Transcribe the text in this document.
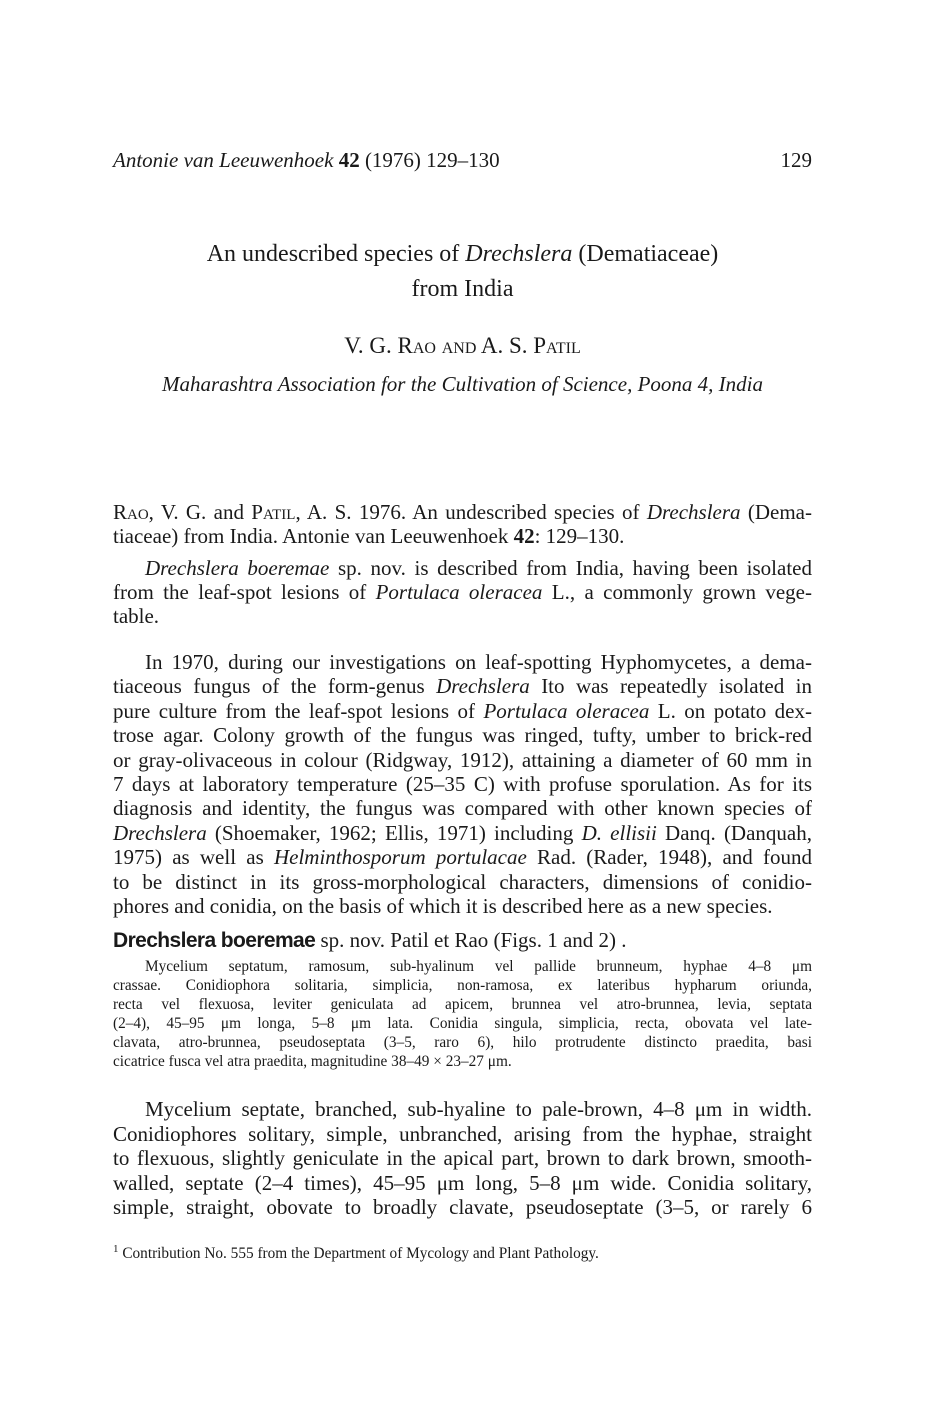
Antonie van Leeuwenhoek 42 (1976) 129–130	129
An undescribed species of Drechslera (Dematiaceae)
from India
V. G. Rao and A. S. Patil
Maharashtra Association for the Cultivation of Science, Poona 4, India
Rao, V. G. and Patil, A. S. 1976. An undescribed species of Drechslera (Dema-
tiaceae) from India. Antonie van Leeuwenhoek 42: 129–130.
Drechslera boeremae sp. nov. is described from India, having been isolated
from the leaf-spot lesions of Portulaca oleracea L., a commonly grown vege-
table.
In 1970, during our investigations on leaf-spotting Hyphomycetes, a dema-
tiaceous fungus of the form-genus Drechslera Ito was repeatedly isolated in
pure culture from the leaf-spot lesions of Portulaca oleracea L. on potato dex-
trose agar. Colony growth of the fungus was ringed, tufty, umber to brick-red
or gray-olivaceous in colour (Ridgway, 1912), attaining a diameter of 60 mm in
7 days at laboratory temperature (25–35 C) with profuse sporulation. As for its
diagnosis and identity, the fungus was compared with other known species of
Drechslera (Shoemaker, 1962; Ellis, 1971) including D. ellisii Danq. (Danquah,
1975) as well as Helminthosporum portulacae Rad. (Rader, 1948), and found
to be distinct in its gross-morphological characters, dimensions of conidio-
phores and conidia, on the basis of which it is described here as a new species.
Drechslera boeremae sp. nov. Patil et Rao (Figs. 1 and 2) .
Mycelium septatum, ramosum, sub-hyalinum vel pallide brunneum, hyphae 4–8 μm
crassae. Conidiophora solitaria, simplicia, non-ramosa, ex lateribus hypharum oriunda,
recta vel flexuosa, leviter geniculata ad apicem, brunnea vel atro-brunnea, levia, septata
(2–4), 45–95 μm longa, 5–8 μm lata. Conidia singula, simplicia, recta, obovata vel late-
clavata, atro-brunnea, pseudoseptata (3–5, raro 6), hilo protrudente distincto praedita, basi
cicatrice fusca vel atra praedita, magnitudine 38–49 × 23–27 μm.
Mycelium septate, branched, sub-hyaline to pale-brown, 4–8 μm in width.
Conidiophores solitary, simple, unbranched, arising from the hyphae, straight
to flexuous, slightly geniculate in the apical part, brown to dark brown, smooth-
walled, septate (2–4 times), 45–95 μm long, 5–8 μm wide. Conidia solitary,
simple, straight, obovate to broadly clavate, pseudoseptate (3–5, or rarely 6
$^1$ Contribution No. 555 from the Department of Mycology and Plant Pathology.
